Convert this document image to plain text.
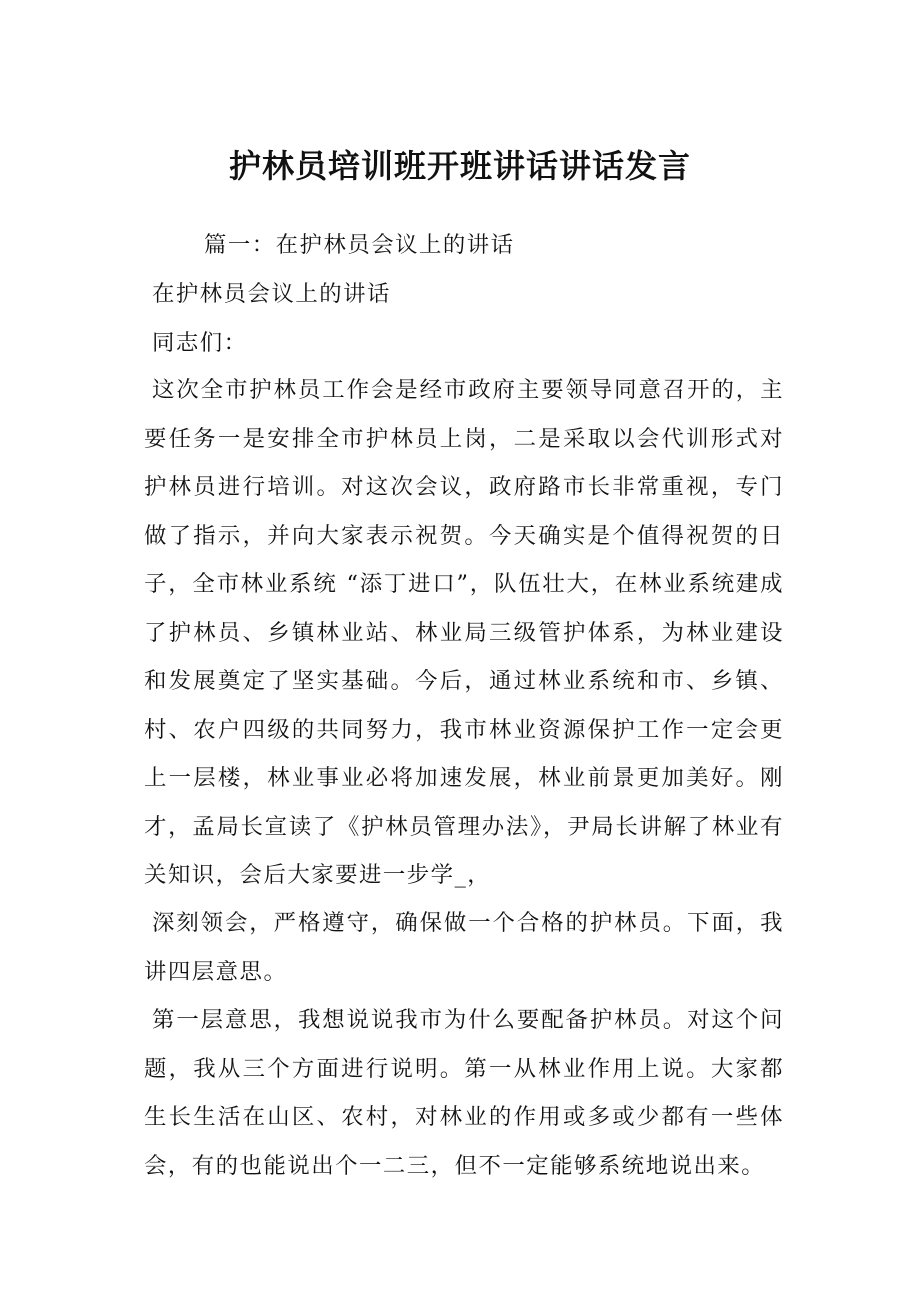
护林员培训班开班讲话讲话发言
篇一：在护林员会议上的讲话
在护林员会议上的讲话
同志们：
这次全市护林员工作会是经市政府主要领导同意召开的，主要任务一是安排全市护林员上岗，二是采取以会代训形式对护林员进行培训。对这次会议，政府路市长非常重视，专门做了指示，并向大家表示祝贺。今天确实是个值得祝贺的日子，全市林业系统 “添丁进口”，队伍壮大，在林业系统建成了护林员、乡镇林业站、林业局三级管护体系，为林业建设和发展奠定了坚实基础。今后，通过林业系统和市、乡镇、村、农户四级的共同努力，我市林业资源保护工作一定会更上一层楼，林业事业必将加速发展，林业前景更加美好。刚才，孟局长宣读了《护林员管理办法》，尹局长讲解了林业有关知识，会后大家要进一步学_，
深刻领会，严格遵守，确保做一个合格的护林员。下面，我讲四层意思。
第一层意思，我想说说我市为什么要配备护林员。对这个问题，我从三个方面进行说明。第一从林业作用上说。大家都生长生活在山区、农村，对林业的作用或多或少都有一些体会，有的也能说出个一二三，但不一定能够系统地说出来。
